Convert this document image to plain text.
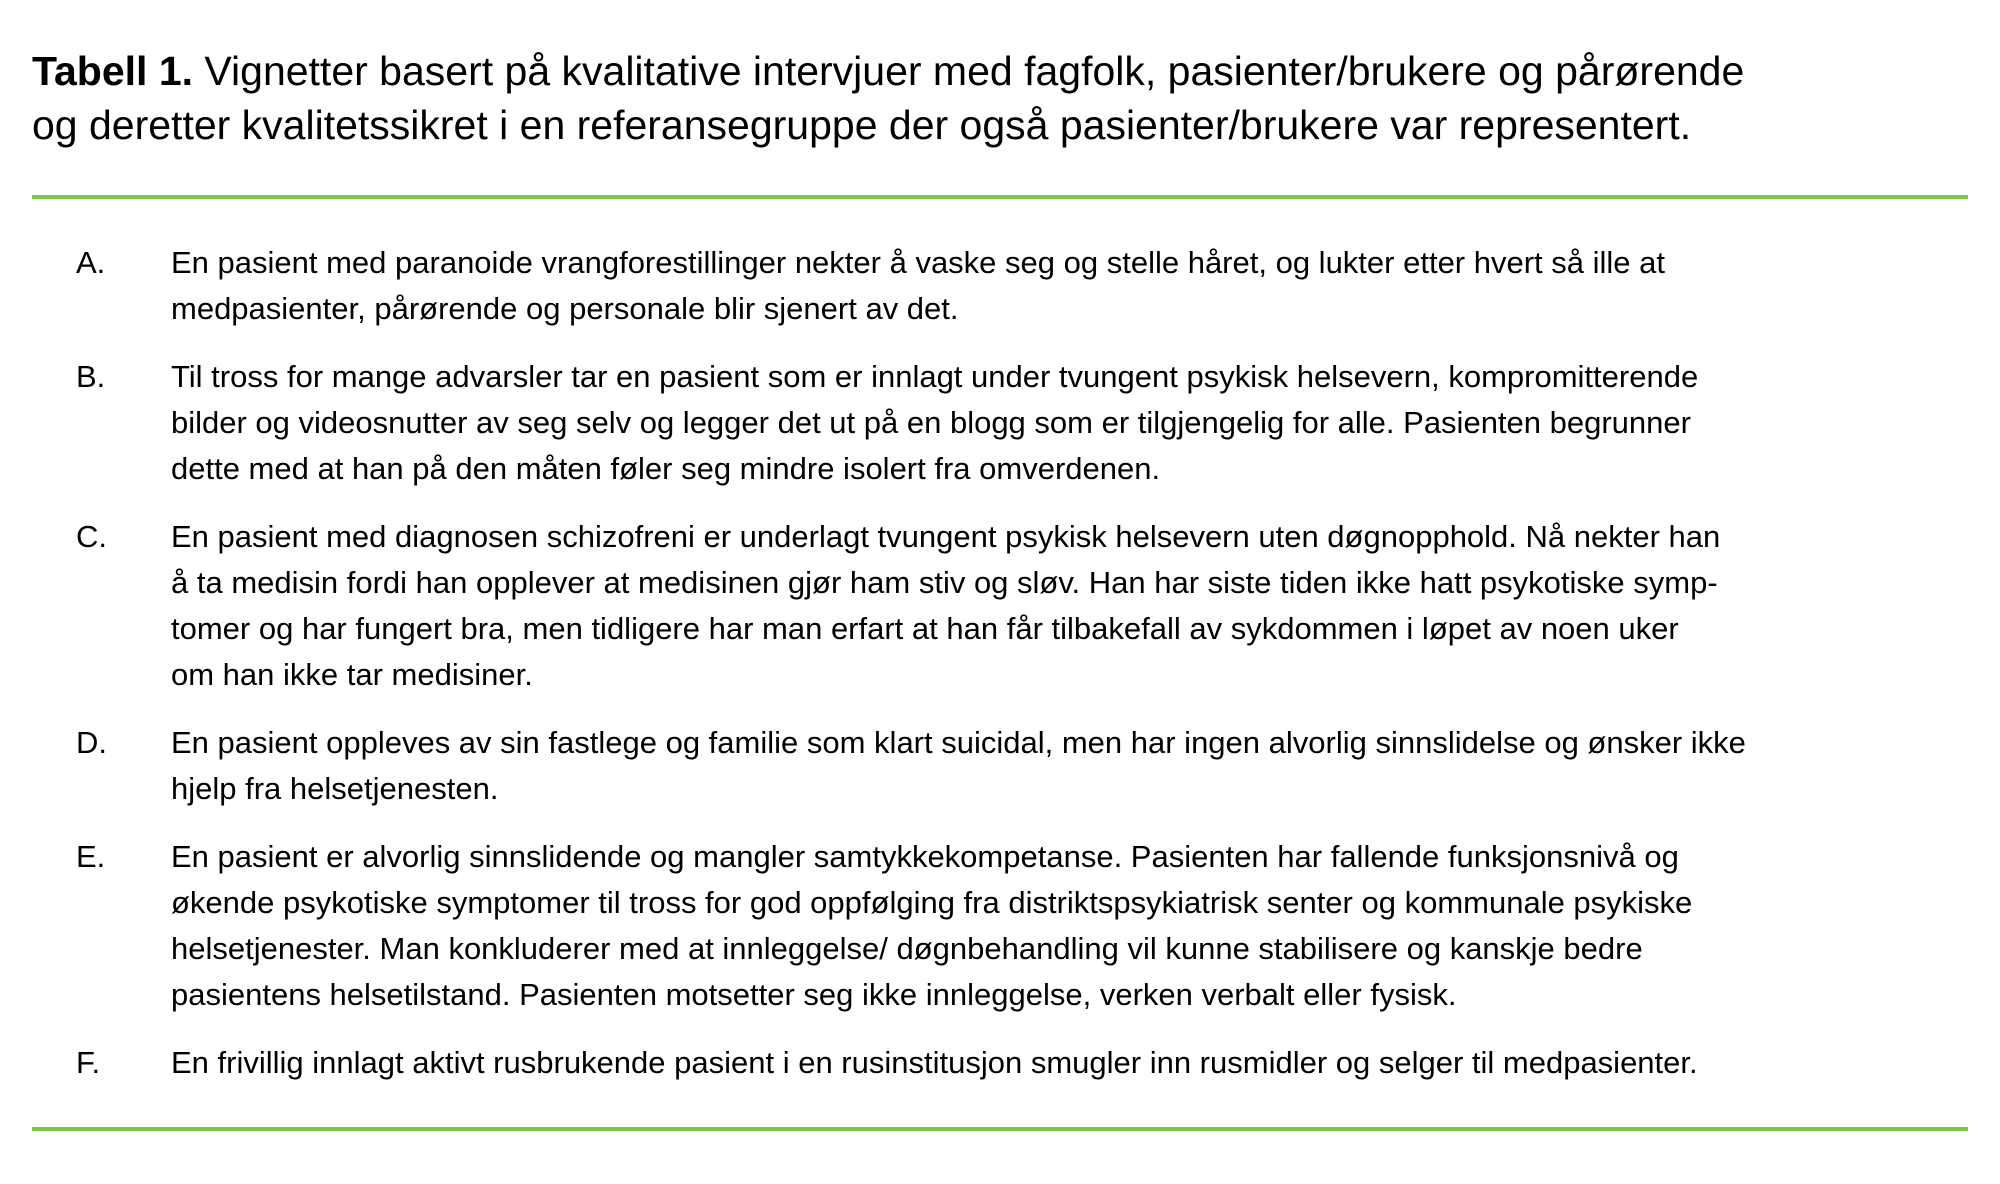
Tabell 1. Vignetter basert på kvalitative intervjuer med fagfolk, pasienter/brukere og pårørende
og deretter kvalitetssikret i en referansegruppe der også pasienter/brukere var representert.
A. En pasient med paranoide vrangforestillinger nekter å vaske seg og stelle håret, og lukter etter hvert så ille at
medpasienter, pårørende og personale blir sjenert av det.
B. Til tross for mange advarsler tar en pasient som er innlagt under tvungent psykisk helsevern, kompromitterende
bilder og videosnutter av seg selv og legger det ut på en blogg som er tilgjengelig for alle. Pasienten begrunner
dette med at han på den måten føler seg mindre isolert fra omverdenen.
C. En pasient med diagnosen schizofreni er underlagt tvungent psykisk helsevern uten døgnopphold. Nå nekter han
å ta medisin fordi han opplever at medisinen gjør ham stiv og sløv. Han har siste tiden ikke hatt psykotiske symp-
tomer og har fungert bra, men tidligere har man erfart at han får tilbakefall av sykdommen i løpet av noen uker
om han ikke tar medisiner.
D. En pasient oppleves av sin fastlege og familie som klart suicidal, men har ingen alvorlig sinnslidelse og ønsker ikke
hjelp fra helsetjenesten.
E. En pasient er alvorlig sinnslidende og mangler samtykkekompetanse. Pasienten har fallende funksjonsnivå og
økende psykotiske symptomer til tross for god oppfølging fra distriktspsykiatrisk senter og kommunale psykiske
helsetjenester. Man konkluderer med at innleggelse/ døgnbehandling vil kunne stabilisere og kanskje bedre
pasientens helsetilstand. Pasienten motsetter seg ikke innleggelse, verken verbalt eller fysisk.
F. En frivillig innlagt aktivt rusbrukende pasient i en rusinstitusjon smugler inn rusmidler og selger til medpasienter.
